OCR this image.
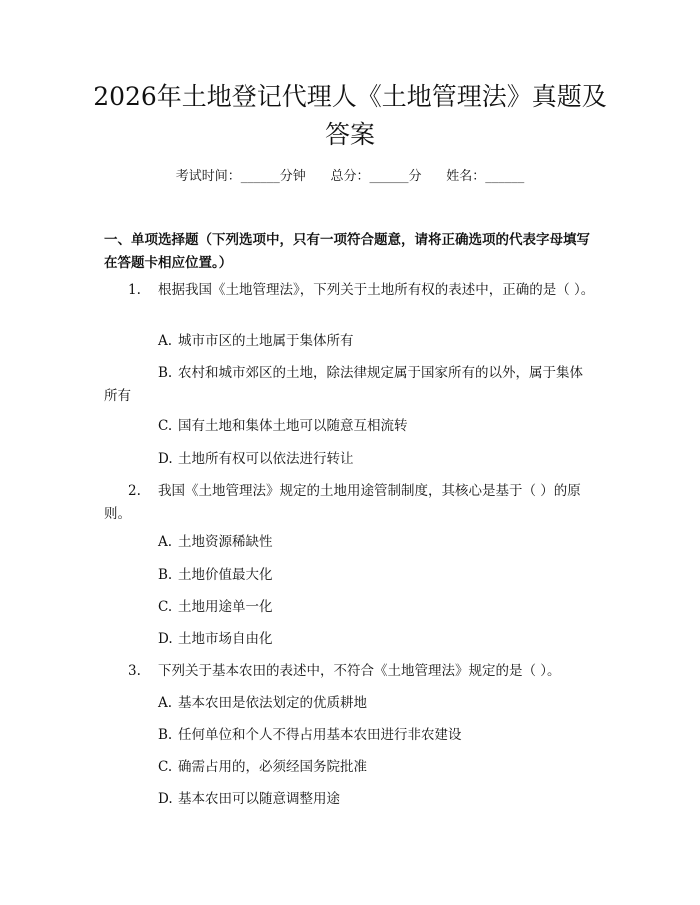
2026年土地登记代理人《土地管理法》真题及答案
考试时间：______分钟      总分：______分      姓名：______

一、单项选择题（下列选项中，只有一项符合题意，请将正确选项的代表字母填写在答题卡相应位置。）

1. 根据我国《土地管理法》，下列关于土地所有权的表述中，正确的是（ ）。

A. 城市市区的土地属于集体所有

B. 农村和城市郊区的土地，除法律规定属于国家所有的以外，属于集体所有

C. 国有土地和集体土地可以随意互相流转

D. 土地所有权可以依法进行转让

2. 我国《土地管理法》规定的土地用途管制制度，其核心是基于（ ）的原则。

A. 土地资源稀缺性

B. 土地价值最大化

C. 土地用途单一化

D. 土地市场自由化

3. 下列关于基本农田的表述中，不符合《土地管理法》规定的是（ ）。

A. 基本农田是依法划定的优质耕地

B. 任何单位和个人不得占用基本农田进行非农建设

C. 确需占用的，必须经国务院批准

D. 基本农田可以随意调整用途
